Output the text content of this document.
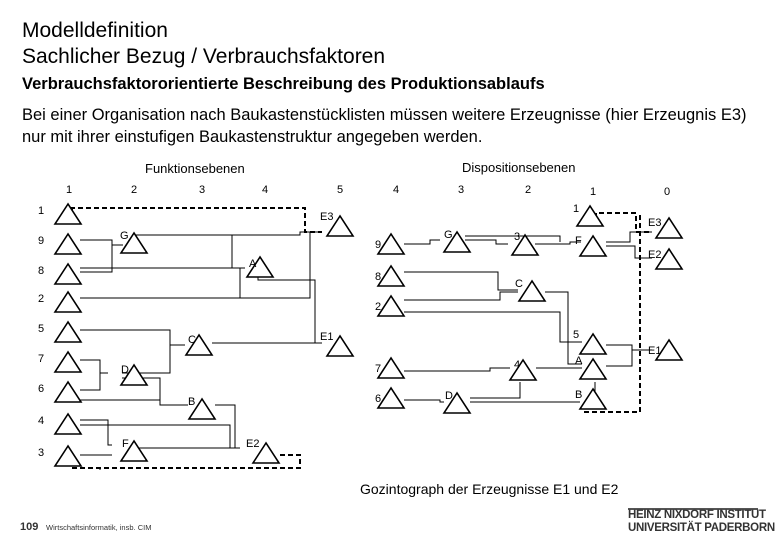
Modelldefinition
Sachlicher Bezug / Verbrauchsfaktoren
Verbrauchsfaktororientierte Beschreibung des Produktionsablaufs
Bei einer Organisation nach Baukastenstücklisten müssen weitere Erzeugnisse (hier Erzeugnis E3) nur mit ihrer einstufigen Baukastenstruktur angegeben werden.
Funktionsebenen	Dispositionsebenen
1	2	3	4	5	4	3	2	1	0
1
9
8
2
5
7
6
4
3
G
A
C
D
B
F
E3
E1
E2
9
8
2
7
6
G
D
3
C
4
1
F
5
A
B
E3
E2
E1
Gozintograph der Erzeugnisse E1 und E2
109 Wirtschaftsinformatik, insb. CIM
HEINZ NIXDORF INSTITUT
UNIVERSITÄT PADERBORN
